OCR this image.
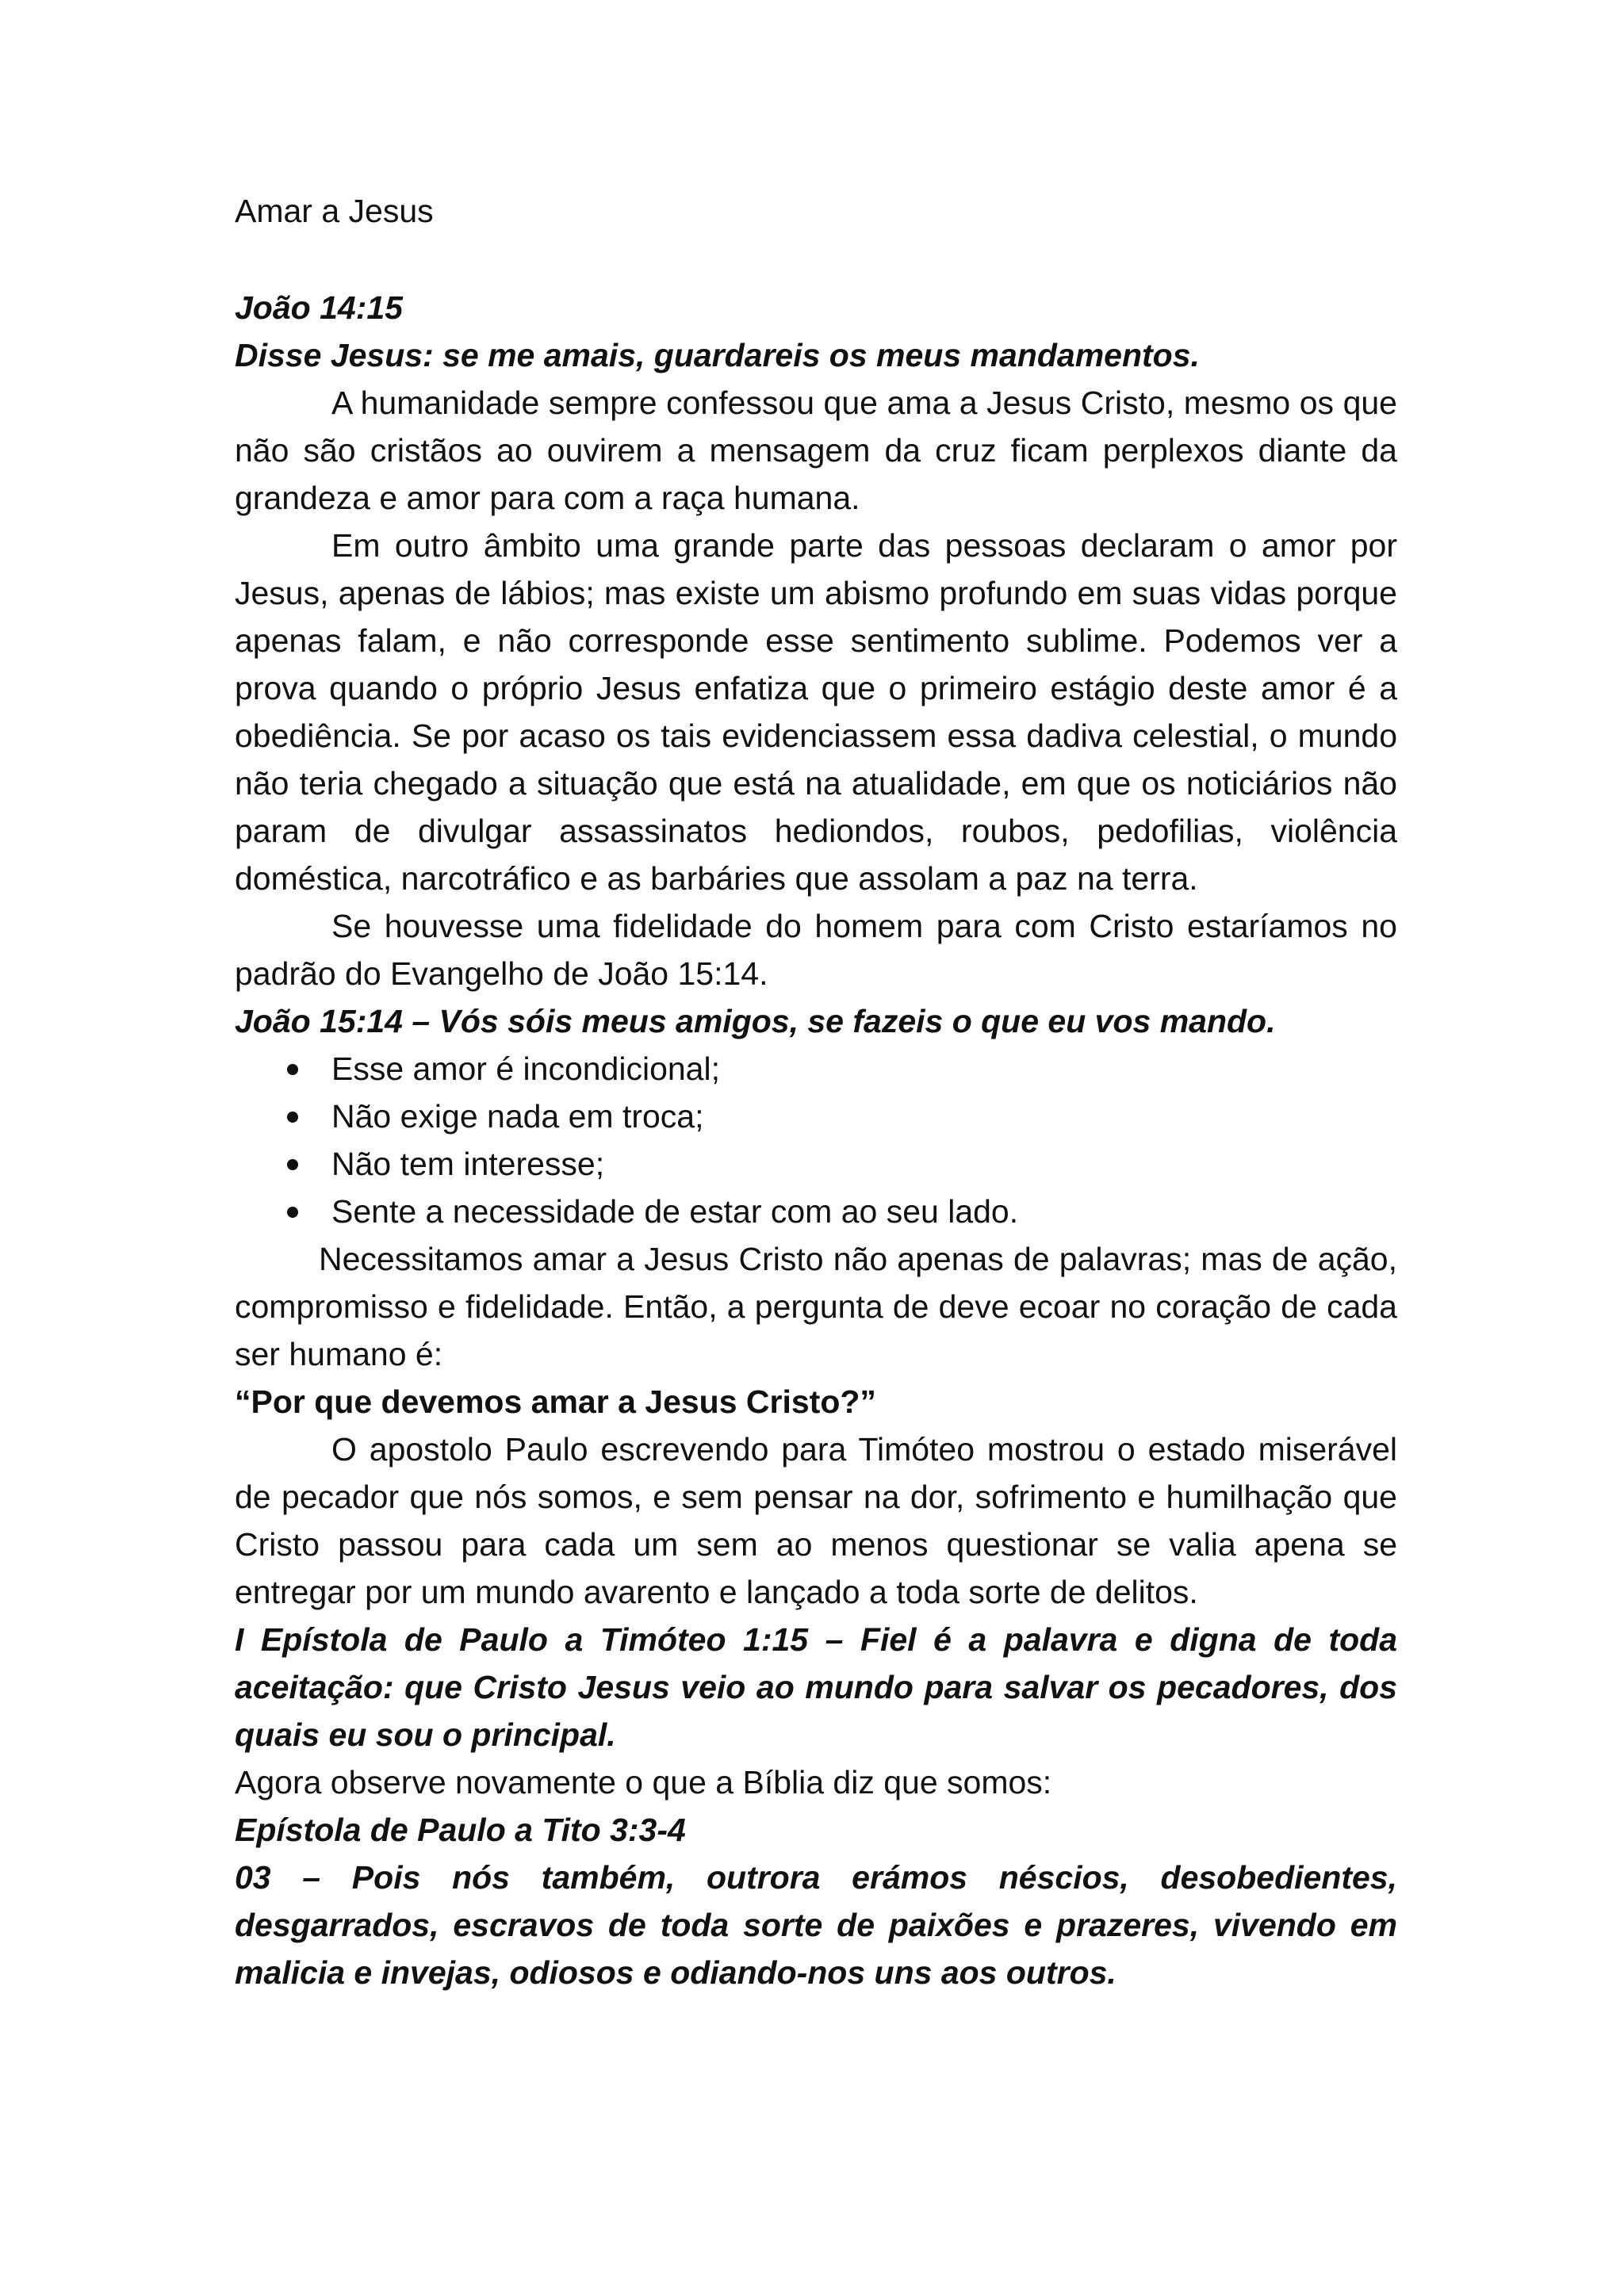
Amar a Jesus

João 14:15

Disse Jesus: se me amais, guardareis os meus mandamentos.

A humanidade sempre confessou que ama a Jesus Cristo, mesmo os que não são cristãos ao ouvirem a mensagem da cruz ficam perplexos diante da grandeza e amor para com a raça humana.

Em outro âmbito uma grande parte das pessoas declaram o amor por Jesus, apenas de lábios; mas existe um abismo profundo em suas vidas porque apenas falam, e não corresponde esse sentimento sublime. Podemos ver a prova quando o próprio Jesus enfatiza que o primeiro estágio deste amor é a obediência. Se por acaso os tais evidenciassem essa dadiva celestial, o mundo não teria chegado a situação que está na atualidade, em que os noticiários não param de divulgar assassinatos hediondos, roubos, pedofilias, violência doméstica, narcotráfico e as barbáries que assolam a paz na terra.

Se houvesse uma fidelidade do homem para com Cristo estaríamos no padrão do Evangelho de João 15:14.

João 15:14 – Vós sóis meus amigos, se fazeis o que eu vos mando.

Esse amor é incondicional;
Não exige nada em troca;
Não tem interesse;
Sente a necessidade de estar com ao seu lado.

Necessitamos amar a Jesus Cristo não apenas de palavras; mas de ação, compromisso e fidelidade. Então, a pergunta de deve ecoar no coração de cada ser humano é:

“Por que devemos amar a Jesus Cristo?”

O apostolo Paulo escrevendo para Timóteo mostrou o estado miserável de pecador que nós somos, e sem pensar na dor, sofrimento e humilhação que Cristo passou para cada um sem ao menos questionar se valia apena se entregar por um mundo avarento e lançado a toda sorte de delitos.

I Epístola de Paulo a Timóteo 1:15 – Fiel é a palavra e digna de toda aceitação: que Cristo Jesus veio ao mundo para salvar os pecadores, dos quais eu sou o principal.

Agora observe novamente o que a Bíblia diz que somos:

Epístola de Paulo a Tito 3:3-4

03 – Pois nós também, outrora erámos néscios, desobedientes, desgarrados, escravos de toda sorte de paixões e prazeres, vivendo em malicia e invejas, odiosos e odiando-nos uns aos outros.
